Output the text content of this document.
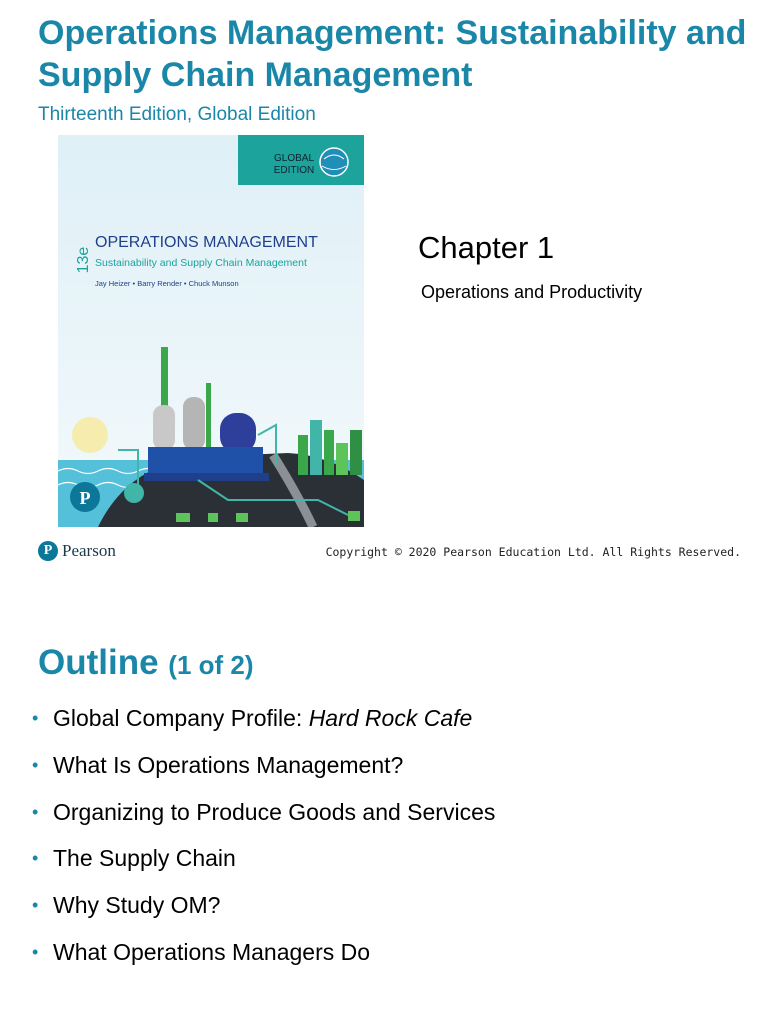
Operations Management: Sustainability and Supply Chain Management
Thirteenth Edition, Global Edition
GLOBAL
EDITION
13e
OPERATIONS MANAGEMENT
Sustainability and Supply Chain Management
Jay Heizer • Barry Render • Chuck Munson
P
Chapter 1
Operations and Productivity
P Pearson	Copyright © 2020 Pearson Education Ltd. All Rights Reserved.
Outline (1 of 2)
• Global Company Profile: Hard Rock Cafe
• What Is Operations Management?
• Organizing to Produce Goods and Services
• The Supply Chain
• Why Study OM?
• What Operations Managers Do
